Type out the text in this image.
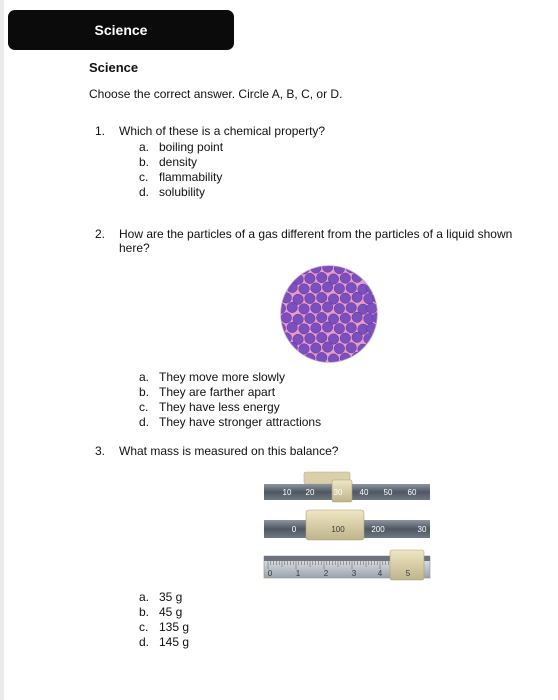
Science
Science
Choose the correct answer. Circle A, B, C, or D.
1. Which of these is a chemical property?
a. boiling point
b. density
c. flammability
d. solubility
2. How are the particles of a gas different from the particles of a liquid shown here?
a. They move more slowly
b. They are farther apart
c. They have less energy
d. They have stronger attractions
3. What mass is measured on this balance?
a. 35 g
b. 45 g
c. 135 g
d. 145 g
10 20 30 40 50 60
0	100	200	30
0	1	2	3	4	5
